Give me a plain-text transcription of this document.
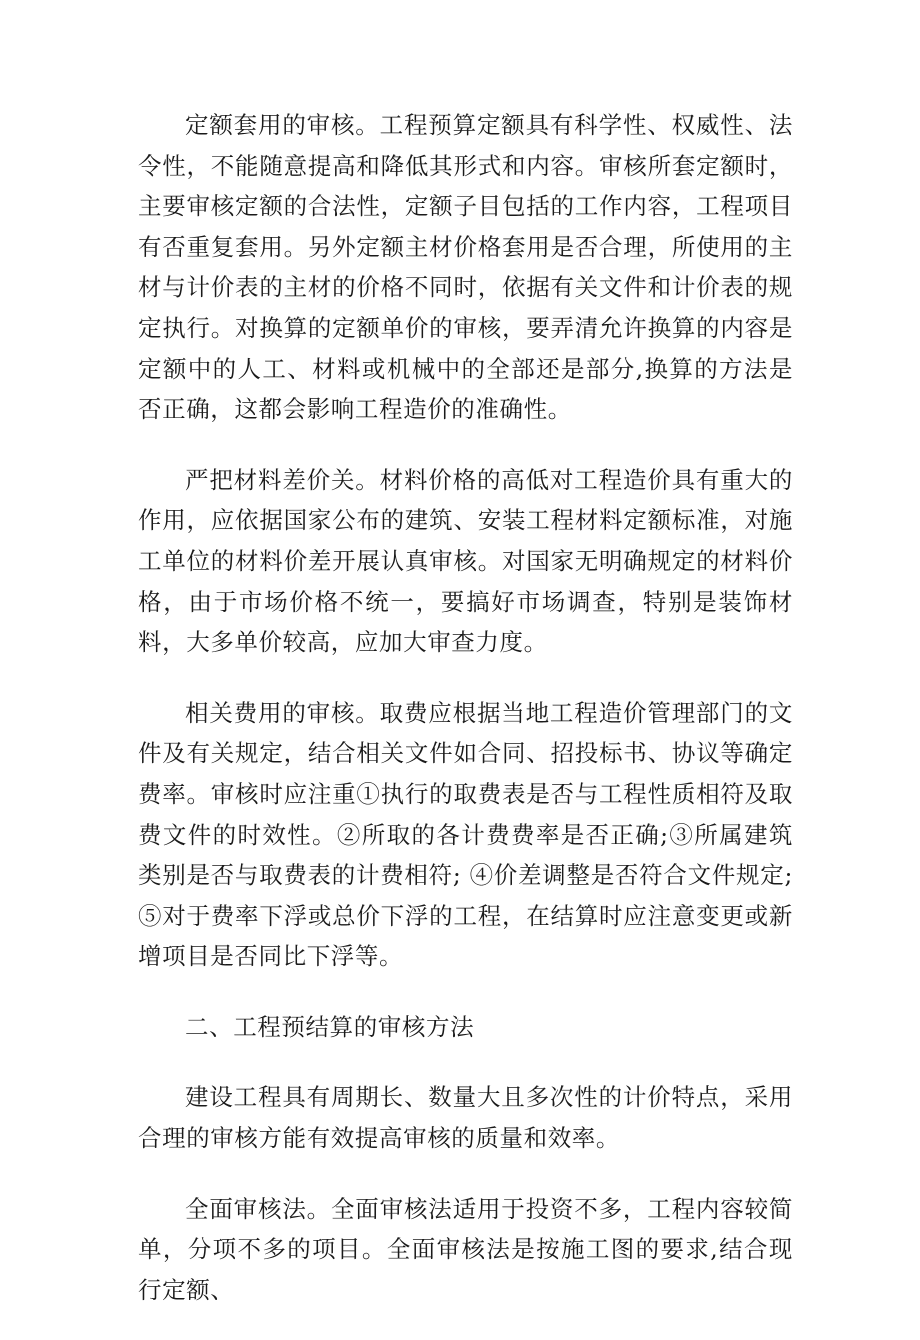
定额套用的审核。工程预算定额具有科学性、权威性、法令性，不能随意提高和降低其形式和内容。审核所套定额时，主要审核定额的合法性，定额子目包括的工作内容，工程项目有否重复套用。另外定额主材价格套用是否合理，所使用的主材与计价表的主材的价格不同时，依据有关文件和计价表的规定执行。对换算的定额单价的审核，要弄清允许换算的内容是定额中的人工、材料或机械中的全部还是部分,换算的方法是否正确，这都会影响工程造价的准确性。

严把材料差价关。材料价格的高低对工程造价具有重大的作用，应依据国家公布的建筑、安装工程材料定额标准，对施工单位的材料价差开展认真审核。对国家无明确规定的材料价格，由于市场价格不统一，要搞好市场调查，特别是装饰材料，大多单价较高，应加大审查力度。

相关费用的审核。取费应根据当地工程造价管理部门的文件及有关规定，结合相关文件如合同、招投标书、协议等确定费率。审核时应注重①执行的取费表是否与工程性质相符及取费文件的时效性。②所取的各计费费率是否正确;③所属建筑类别是否与取费表的计费相符; ④价差调整是否符合文件规定;⑤对于费率下浮或总价下浮的工程，在结算时应注意变更或新增项目是否同比下浮等。

二、工程预结算的审核方法

建设工程具有周期长、数量大且多次性的计价特点，采用合理的审核方能有效提高审核的质量和效率。

全面审核法。全面审核法适用于投资不多，工程内容较简单，分项不多的项目。全面审核法是按施工图的要求,结合现行定额、
